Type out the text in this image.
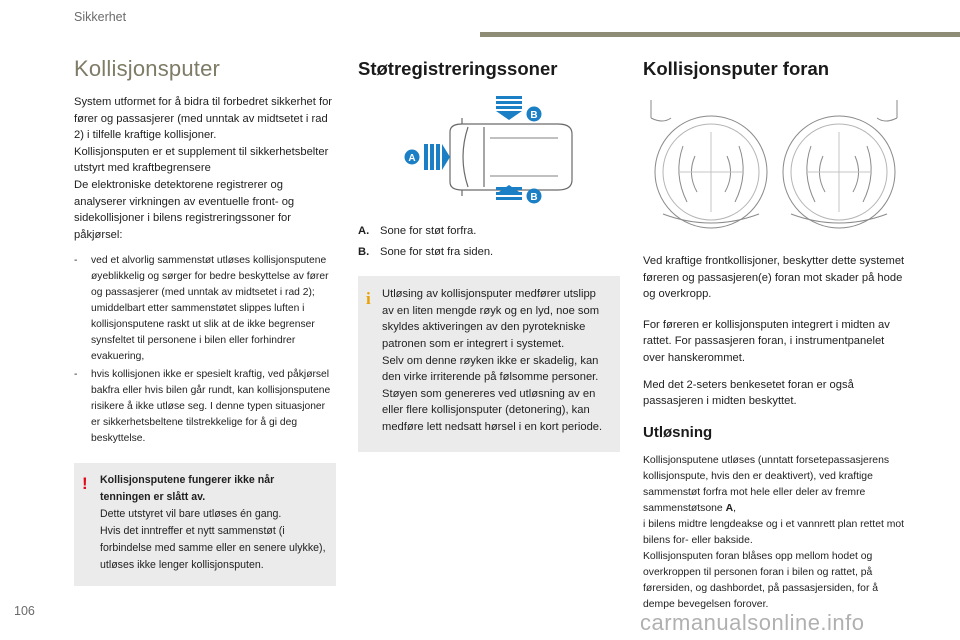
Sikkerhet
Kollisjonsputer

System utformet for å bidra til forbedret sikkerhet for fører og passasjerer (med unntak av midtsetet i rad 2) i tilfelle kraftige kollisjoner.
Kollisjonsputen er et supplement til sikkerhetsbelter utstyrt med kraftbegrensere
De elektroniske detektorene registrerer og analyserer virkningen av eventuelle front- og sidekollisjoner i bilens registreringssoner for påkjørsel:

- ved et alvorlig sammenstøt utløses kollisjonsputene øyeblikkelig og sørger for bedre beskyttelse av fører og passasjerer (med unntak av midtsetet i rad 2); umiddelbart etter sammenstøtet slippes luften i kollisjonsputene raskt ut slik at de ikke begrenser synsfeltet til personene i bilen eller forhindrer evakuering,
- hvis kollisjonen ikke er spesielt kraftig, ved påkjørsel bakfra eller hvis bilen går rundt, kan kollisjonsputene risikere å ikke utløse seg. I denne typen situasjoner er sikkerhetsbeltene tilstrekkelige for å gi deg beskyttelse.
! Kollisjonsputene fungerer ikke når tenningen er slått av.

Dette utstyret vil bare utløses én gang.

Hvis det inntreffer et nytt sammenstøt (i forbindelse med samme eller en senere ulykke), utløses ikke lenger kollisjonsputen.

Støtregistreringssoner
A
B
B
A. Sone for støt forfra.
B. Sone for støt fra siden.
i Utløsing av kollisjonsputer medfører utslipp av en liten mengde røyk og en lyd, noe som skyldes aktiveringen av den pyrotekniske patronen som er integrert i systemet.

Selv om denne røyken ikke er skadelig, kan den virke irriterende på følsomme personer.

Støyen som genereres ved utløsning av en eller flere kollisjonsputer (detonering), kan medføre lett nedsatt hørsel i en kort periode.

Kollisjonsputer foran

Ved kraftige frontkollisjoner, beskytter dette systemet føreren og passasjeren(e) foran mot skader på hode og overkropp.

For føreren er kollisjonsputen integrert i midten av rattet. For passasjeren foran, i instrumentpanelet over hanskerommet.

Med det 2-seters benkesetet foran er også passasjeren i midten beskyttet.

Utløsning

Kollisjonsputene utløses (unntatt forsetepassasjerens kollisjonspute, hvis den er deaktivert), ved kraftige sammenstøt forfra mot hele eller deler av fremre sammenstøtsone A,
i bilens midtre lengdeakse og i et vannrett plan rettet mot bilens for- eller bakside.
Kollisjonsputen foran blåses opp mellom hodet og overkroppen til personen foran i bilen og rattet, på førersiden, og dashbordet, på passasjersiden, for å dempe bevegelsen forover.

106	carmanualsonline.info
